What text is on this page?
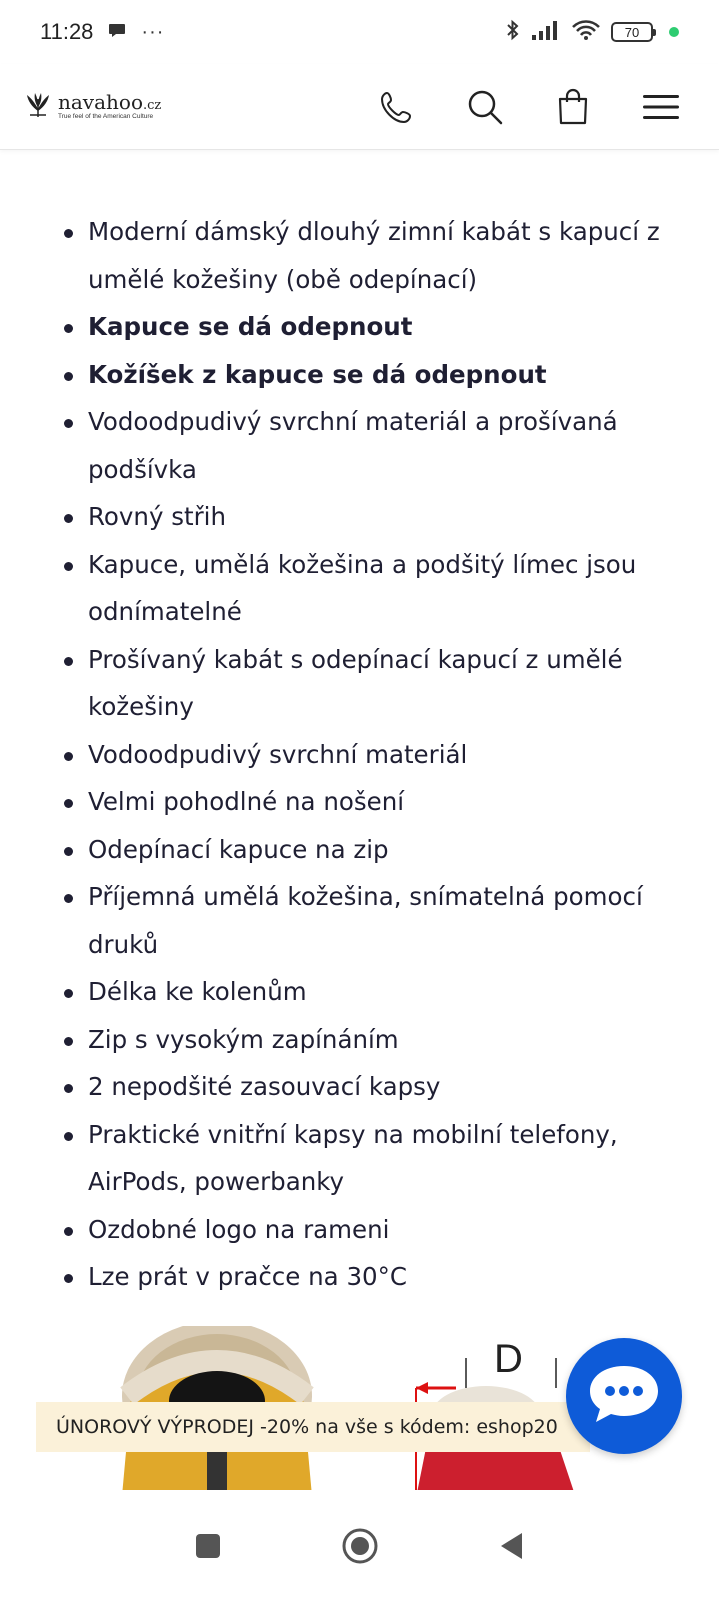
11:28 ···	70
navahoo.cz
True feel of the American Culture
Moderní dámský dlouhý zimní kabát s kapucí z umělé kožešiny (obě odepínací)
Kapuce se dá odepnout
Kožíšek z kapuce se dá odepnout
Vodoodpudivý svrchní materiál a prošívaná podšívka
Rovný střih
Kapuce, umělá kožešina a podšitý límec jsou odnímatelné
Prošívaný kabát s odepínací kapucí z umělé kožešiny
Vodoodpudivý svrchní materiál
Velmi pohodlné na nošení
Odepínací kapuce na zip
Příjemná umělá kožešina, snímatelná pomocí druků
Délka ke kolenům
Zip s vysokým zapínáním
2 nepodšité zasouvací kapsy
Praktické vnitřní kapsy na mobilní telefony, AirPods, powerbanky
Ozdobné logo na rameni
Lze prát v pračce na 30°C
D
ÚNOROVÝ VÝPRODEJ -20% na vše s kódem: eshop20
